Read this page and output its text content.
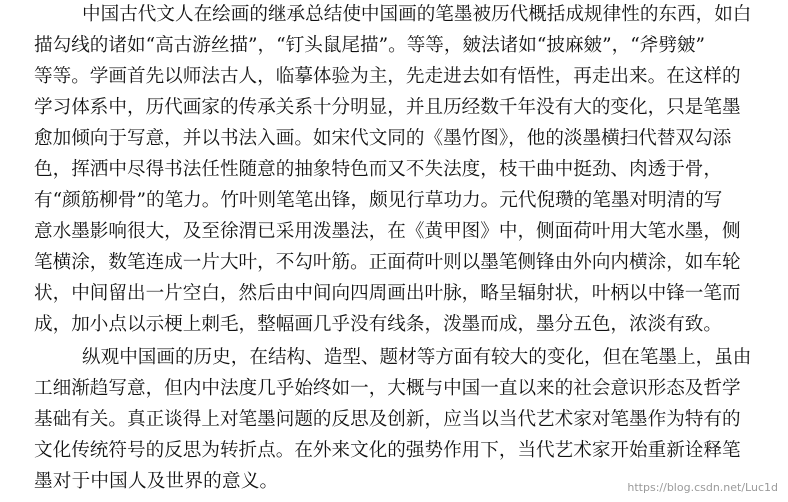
中国古代文人在绘画的继承总结使中国画的笔墨被历代概括成规律性的东西，如白
描勾线的诸如“高古游丝描”，“钉头鼠尾描”。等等，皴法诸如“披麻皴”，“斧劈皴”
等等。学画首先以师法古人，临摹体验为主，先走进去如有悟性，再走出来。在这样的
学习体系中，历代画家的传承关系十分明显，并且历经数千年没有大的变化，只是笔墨
愈加倾向于写意，并以书法入画。如宋代文同的《墨竹图》，他的淡墨横扫代替双勾添
色，挥洒中尽得书法任性随意的抽象特色而又不失法度，枝干曲中挺劲、肉透于骨，
有“颜筋柳骨”的笔力。竹叶则笔笔出锋，颇见行草功力。元代倪瓒的笔墨对明清的写
意水墨影响很大，及至徐渭已采用泼墨法，在《黄甲图》中，侧面荷叶用大笔水墨，侧
笔横涂，数笔连成一片大叶，不勾叶筋。正面荷叶则以墨笔侧锋由外向内横涂，如车轮
状，中间留出一片空白，然后由中间向四周画出叶脉，略呈辐射状，叶柄以中锋一笔而
成，加小点以示梗上刺毛，整幅画几乎没有线条，泼墨而成，墨分五色，浓淡有致。
纵观中国画的历史，在结构、造型、题材等方面有较大的变化，但在笔墨上，虽由
工细渐趋写意，但内中法度几乎始终如一，大概与中国一直以来的社会意识形态及哲学
基础有关。真正谈得上对笔墨问题的反思及创新，应当以当代艺术家对笔墨作为特有的
文化传统符号的反思为转折点。在外来文化的强势作用下，当代艺术家开始重新诠释笔
墨对于中国人及世界的意义。	https://blog.csdn.net/Luc1d
